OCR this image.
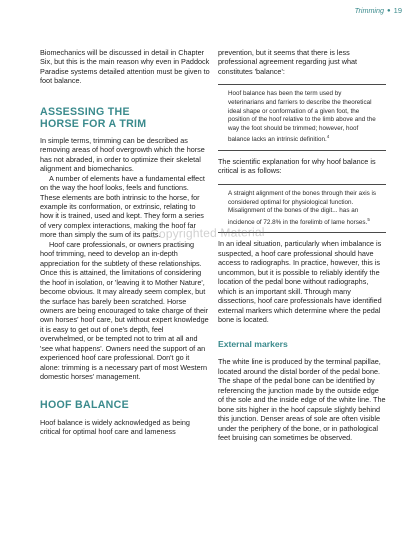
Trimming ● 19

Biomechanics will be discussed in detail in Chapter Six, but this is the main reason why even in Paddock Paradise systems detailed attention must be given to foot balance.

ASSESSING THE
HORSE FOR A TRIM

In simple terms, trimming can be described as removing areas of hoof overgrowth which the horse has not abraded, in order to optimize their skeletal alignment and biomechanics.

A number of elements have a fundamental effect on the way the hoof looks, feels and functions. These elements are both intrinsic to the horse, for example its conformation, or extrinsic, relating to how it is trained, used and kept. They form a series of very complex interactions, making the hoof far more than simply the sum of its parts.

Hoof care professionals, or owners practising hoof trimming, need to develop an in-depth appreciation for the subtlety of these relationships. Once this is attained, the limitations of considering the hoof in isolation, or 'leaving it to Mother Nature', become obvious. It may already seem complex, but the surface has barely been scratched. Horse owners are being encouraged to take charge of their own horses' hoof care, but without expert knowledge it is easy to get out of one's depth, feel overwhelmed, or be tempted not to trim at all and 'see what happens'. Owners need the support of an experienced hoof care professional. Don't go it alone: trimming is a necessary part of most Western domestic horses' management.

HOOF BALANCE

Hoof balance is widely acknowledged as being critical for optimal hoof care and lameness

prevention, but it seems that there is less professional agreement regarding just what constitutes 'balance':

Hoof balance has been the term used by veterinarians and farriers to describe the theoretical ideal shape or conformation of a given foot, the position of the hoof relative to the limb above and the way the foot should be trimmed; however, hoof balance lacks an intrinsic definition.$^4$

The scientific explanation for why hoof balance is critical is as follows:

A straight alignment of the bones through their axis is considered optimal for physiological function. Misalignment of the bones of the digit... has an incidence of 72.8% in the forelimb of lame horses.$^5$

In an ideal situation, particularly when imbalance is suspected, a hoof care professional should have access to radiographs. In practice, however, this is uncommon, but it is possible to reliably identify the location of the pedal bone without radiographs, which is an important skill. Through many dissections, hoof care professionals have identified external markers which determine where the pedal bone is located.

External markers

The white line is produced by the terminal papillae, located around the distal border of the pedal bone. The shape of the pedal bone can be identified by referencing the junction made by the outside edge of the sole and the inside edge of the white line. The bone sits higher in the hoof capsule slightly behind this junction. Denser areas of sole are often visible under the periphery of the bone, or in pathological feet bruising can sometimes be observed.

Copyrighted Material
